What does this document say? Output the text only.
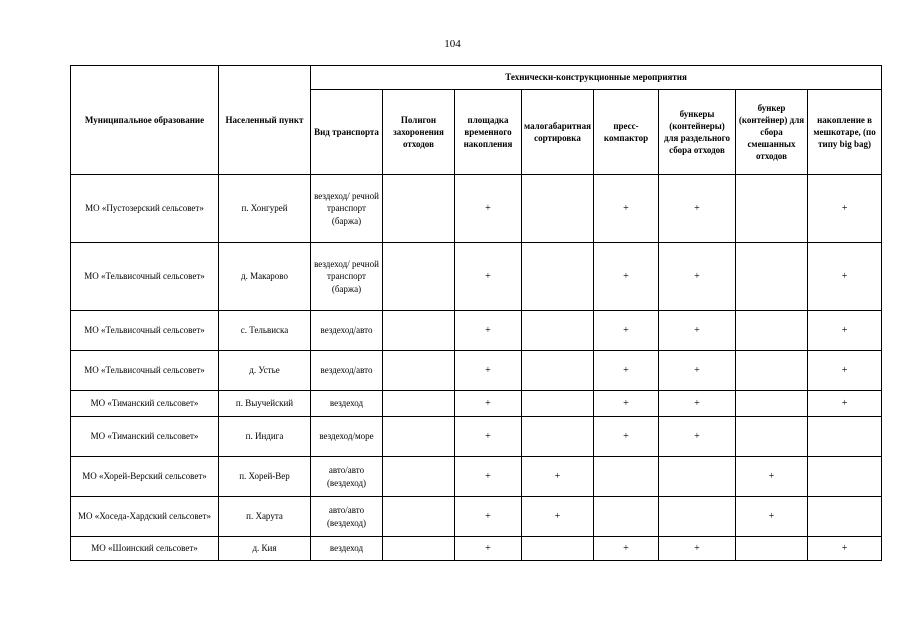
104
Муниципальное образование	Населенный пункт	Технически-конструкционные мероприятия							
		Вид транспорта	Полигон захоронения отходов	площадка временного накопления	малогабаритная сортировка	пресс-компактор	бункеры (контейнеры) для раздельного сбора отходов	бункер (контейнер) для сбора смешанных отходов	накопление в мешкотаре, (по типу big bag)
МО «Пустозерский сельсовет»	п. Хонгурей	вездеход/ речной транспорт (баржа)		+		+	+		+
МО «Тельвисочный сельсовет»	д. Макарово	вездеход/ речной транспорт (баржа)		+		+	+		+
МО «Тельвисочный сельсовет»	с. Тельвиска	вездеход/авто		+		+	+		+
МО «Тельвисочный сельсовет»	д. Устье	вездеход/авто		+		+	+		+
МО «Тиманский сельсовет»	п. Выучейский	вездеход		+		+	+		+
МО «Тиманский сельсовет»	п. Индига	вездеход/море		+		+	+		
МО «Хорей-Верский сельсовет»	п. Хорей-Вер	авто/авто (вездеход)		+	+			+	
МО «Хоседа-Хардский сельсовет»	п. Харута	авто/авто (вездеход)		+	+			+	
МО «Шоинский сельсовет»	д. Кия	вездеход		+		+	+		+
